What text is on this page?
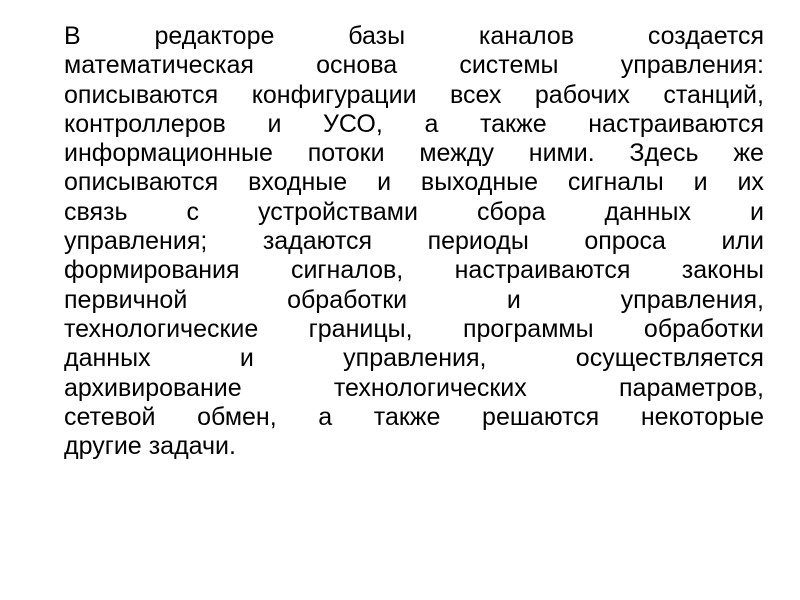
В	редакторе	базы	каналов	создается
математическая основа системы управления:
описываются конфигурации всех рабочих станций,
контроллеров и УСО, а также настраиваются
информационные потоки между ними. Здесь же
описываются входные и выходные сигналы и их
связь с устройствами сбора данных и
управления; задаются периоды опроса или
формирования сигналов, настраиваются законы
первичной	обработки	и	управления,
технологические границы, программы обработки
данных	и	управления,	осуществляется
архивирование	технологических	параметров,
сетевой обмен, а также решаются некоторые
другие задачи.
